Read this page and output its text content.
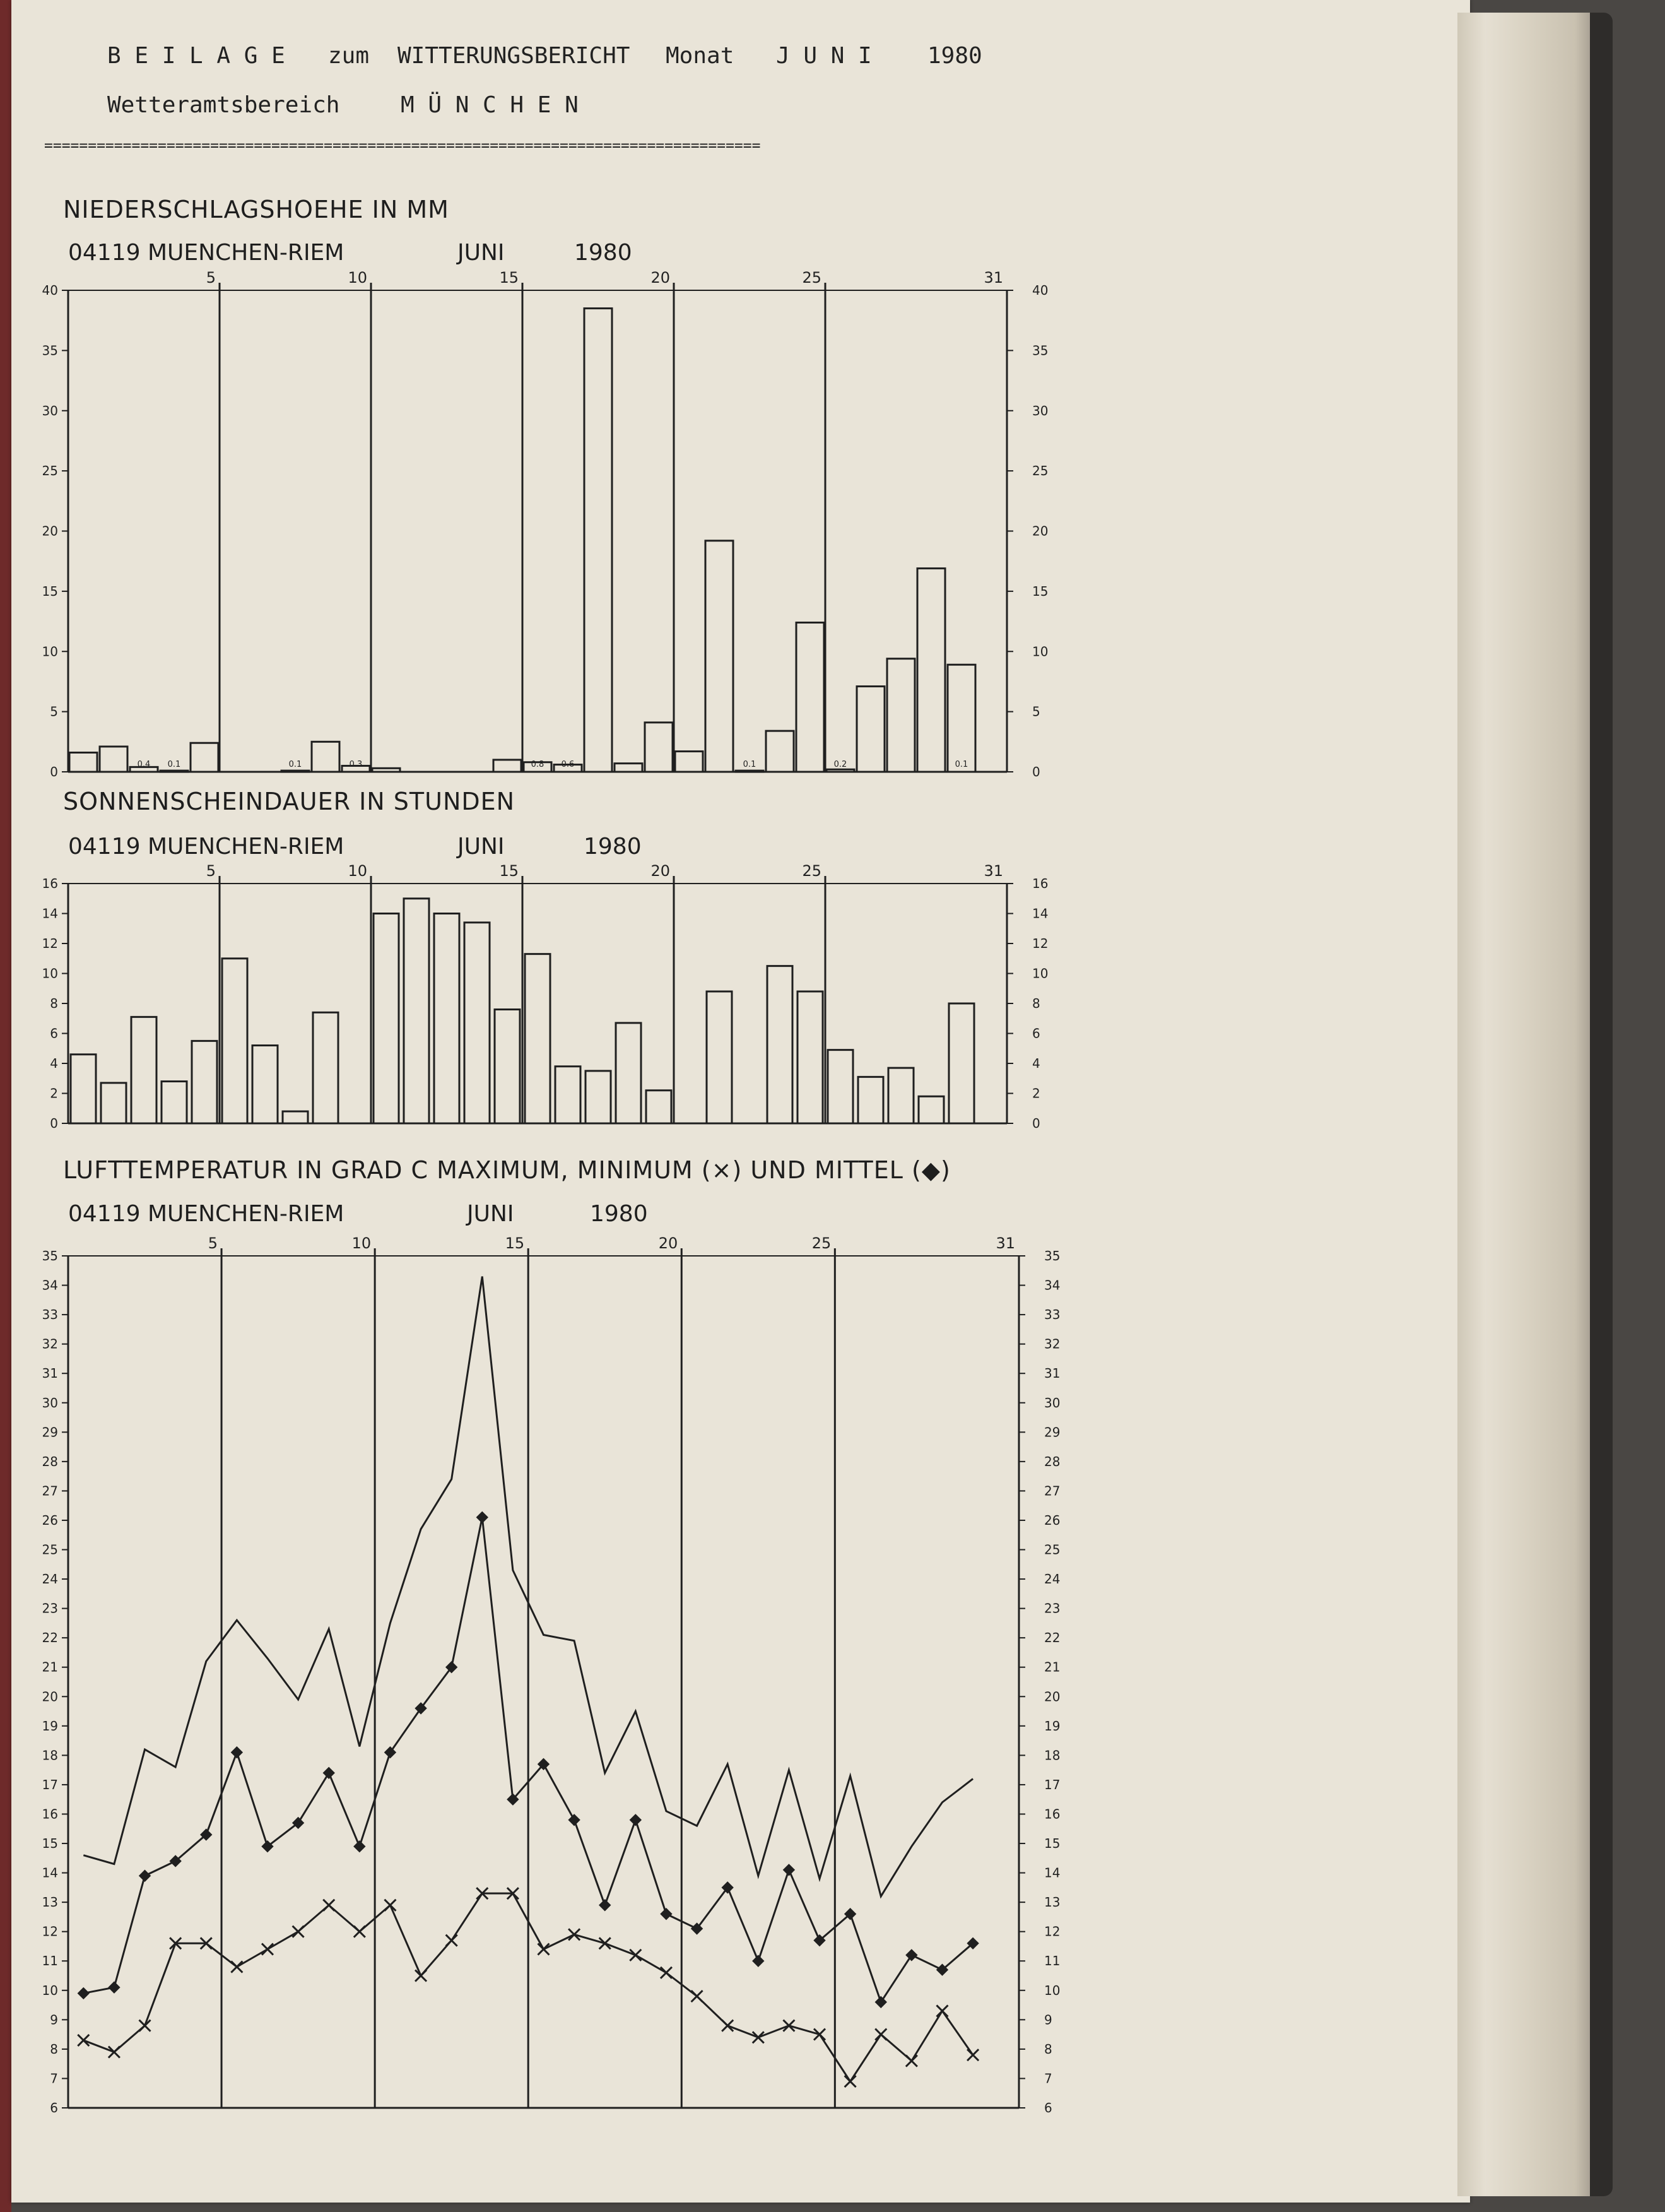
B E I L A G E zum WITTERUNGSBERICHT Monat J U N I 1980
Wetteramtsbereich	M Ü N C H E N
==================================================================================
NIEDERSCHLAGSHOEHE IN MM
04119 MUENCHEN-RIEM	JUNI	1980
0	0
5	5
10	10
15	15
20	20
25	25
30	30
35	35
40	40
5	10	15	20	25	31
0.4 0.1	0.1	0.3	0.8 0.6	0.1	0.2	0.1
SONNENSCHEINDAUER IN STUNDEN
04119 MUENCHEN-RIEM	JUNI	1980
0	0
2	2
4	4
6	6
8	8
10	10
12	12
14	14
16	16
5	10	15	20	25	31
LUFTTEMPERATUR IN GRAD C MAXIMUM, MINIMUM (×) UND MITTEL (◆)
04119 MUENCHEN-RIEM	JUNI	1980
6	6
7	7
8	8
9	9
10	10
11	11
12	12
13	13
14	14
15	15
16	16
17	17
18	18
19	19
20	20
21	21
22	22
23	23
24	24
25	25
26	26
27	27
28	28
29	29
30	30
31	31
32	32
33	33
34	34
35	35
5	10	15	20	25	31
